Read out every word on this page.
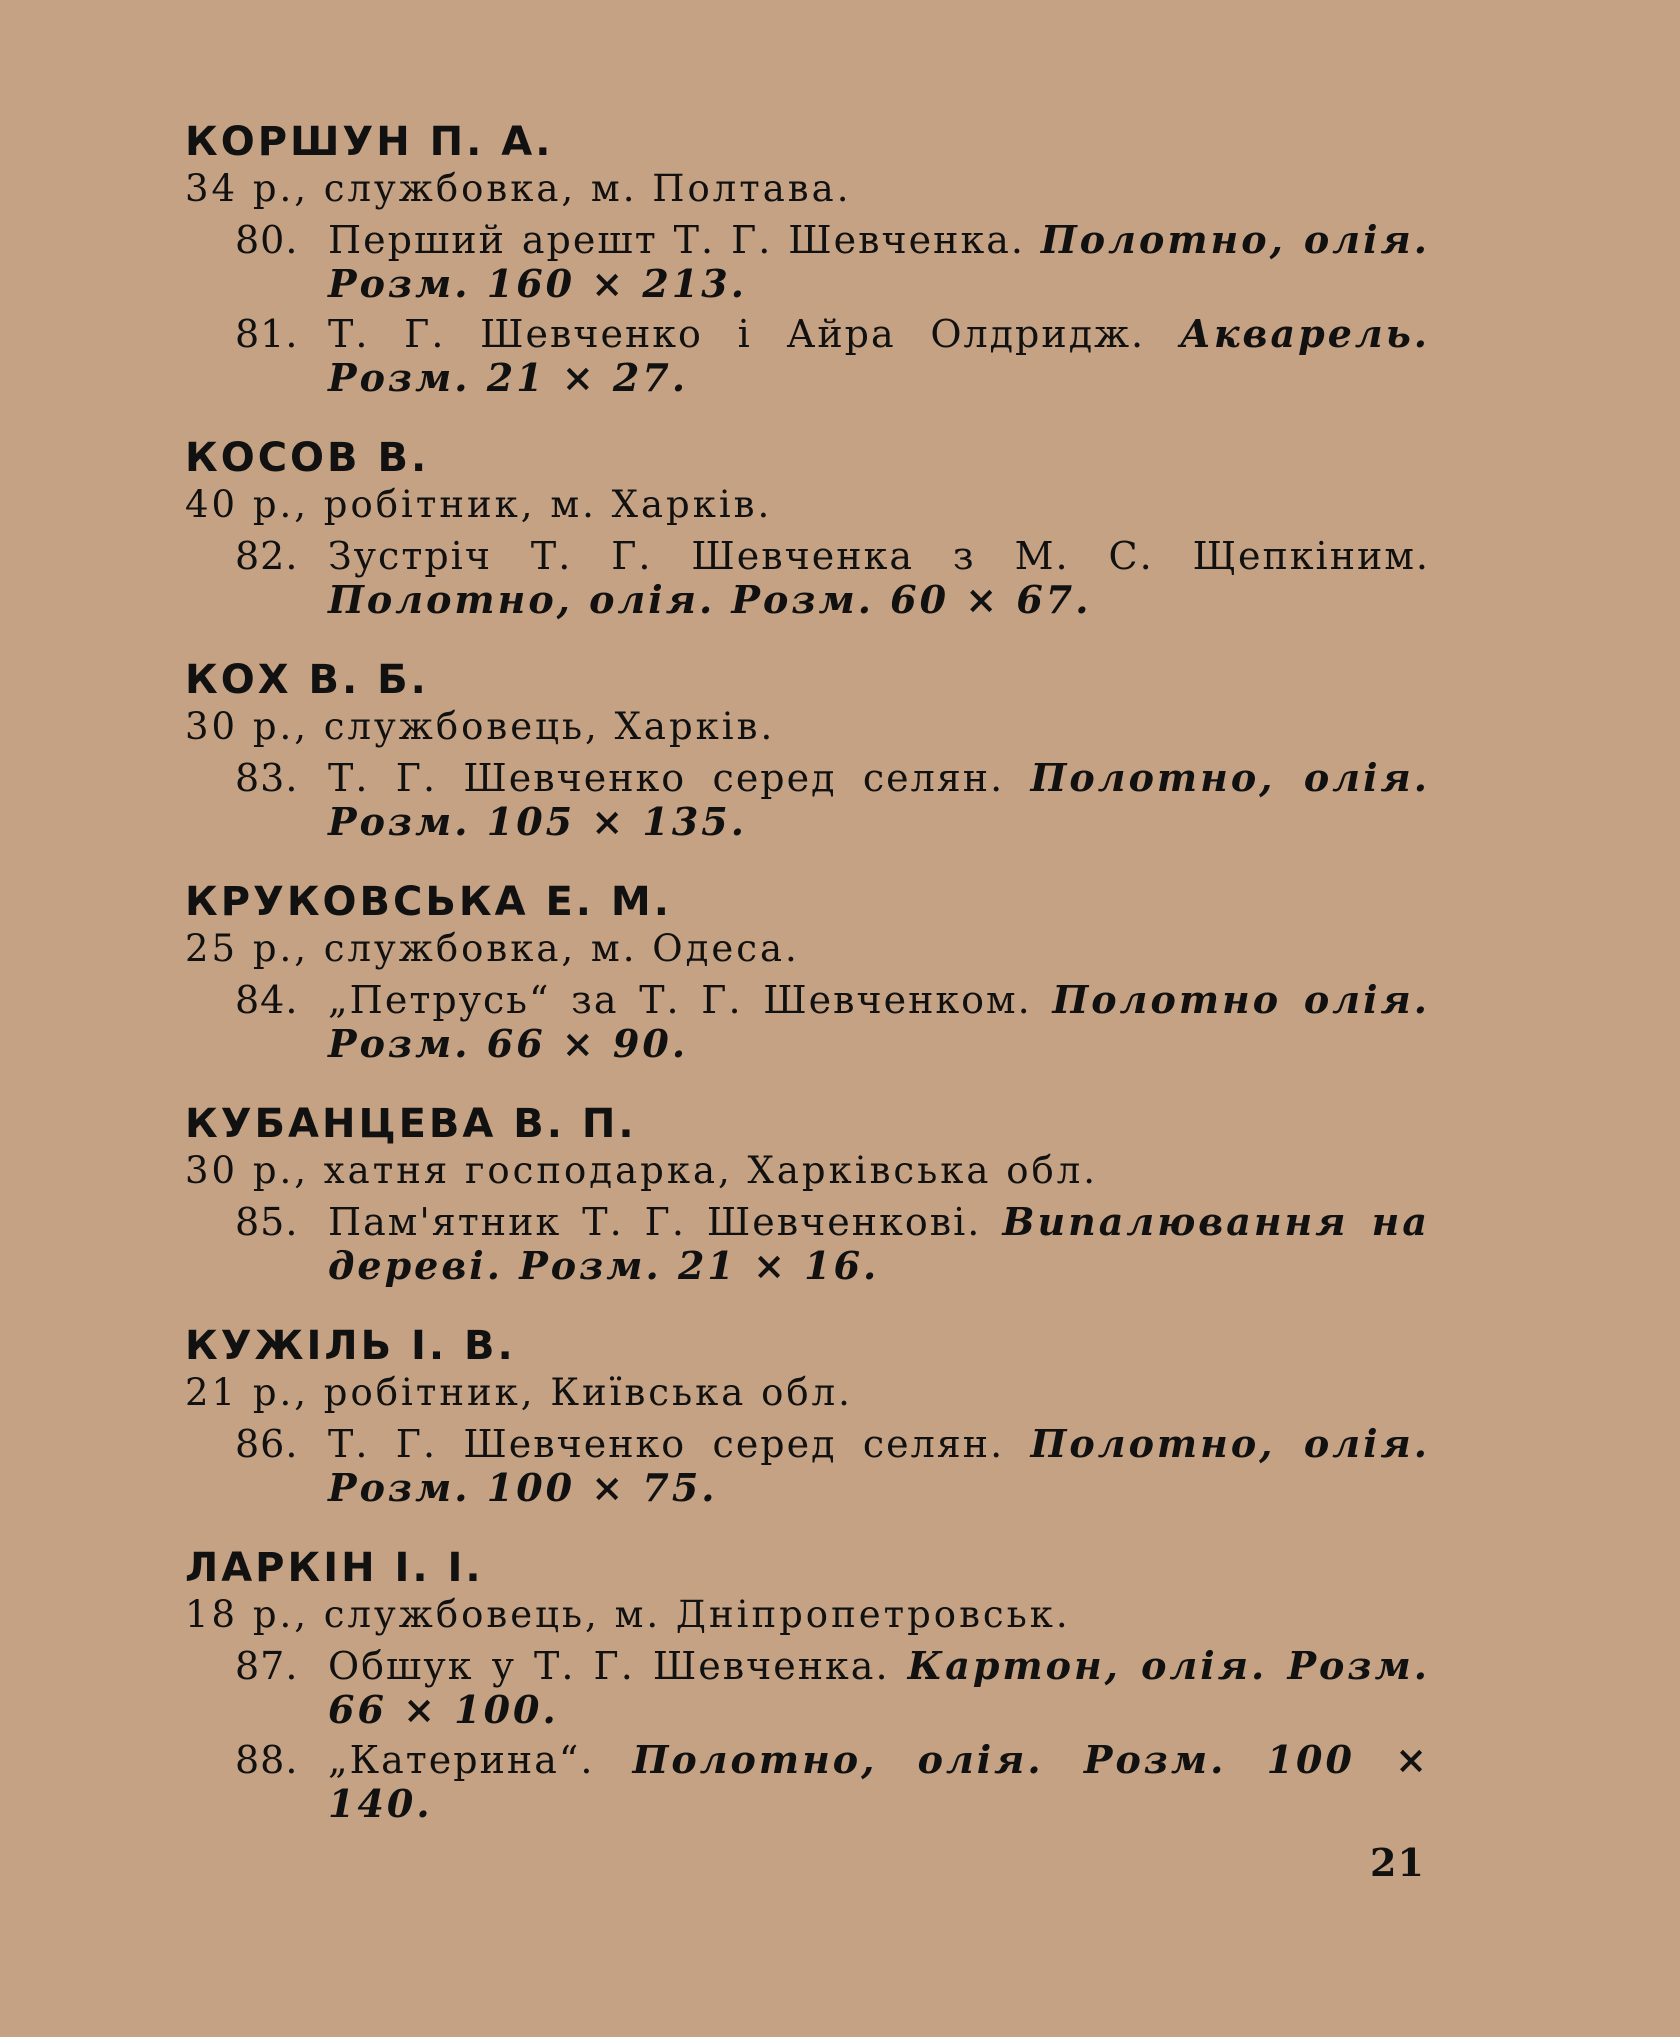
КОРШУН П. А.
34 р., службовка, м. Полтава.
80. Перший арешт Т. Г. Шевченка. Полотно, олія. Розм. 160 × 213.
81. Т. Г. Шевченко і Айра Олдридж. Акварель. Розм. 21 × 27.
КОСОВ В.
40 р., робітник, м. Харків.
82. Зустріч Т. Г. Шевченка з М. С. Щепкіним. Полотно, олія. Розм. 60 × 67.
КОХ В. Б.
30 р., службовець, Харків.
83. Т. Г. Шевченко серед селян. Полотно, олія. Розм. 105 × 135.
КРУКОВСЬКА Е. М.
25 р., службовка, м. Одеса.
84. „Петрусь“ за Т. Г. Шевченком. Полотно олія. Розм. 66 × 90.
КУБАНЦЕВА В. П.
30 р., хатня господарка, Харківська обл.
85. Пам'ятник Т. Г. Шевченкові. Випалювання на дереві. Розм. 21 × 16.
КУЖІЛЬ І. В.
21 р., робітник, Київська обл.
86. Т. Г. Шевченко серед селян. Полотно, олія. Розм. 100 × 75.
ЛАРКІН І. І.
18 р., службовець, м. Дніпропетровськ.
87. Обшук у Т. Г. Шевченка. Картон, олія. Розм. 66 × 100.
88. „Катерина“. Полотно, олія. Розм. 100 × 140.
21
